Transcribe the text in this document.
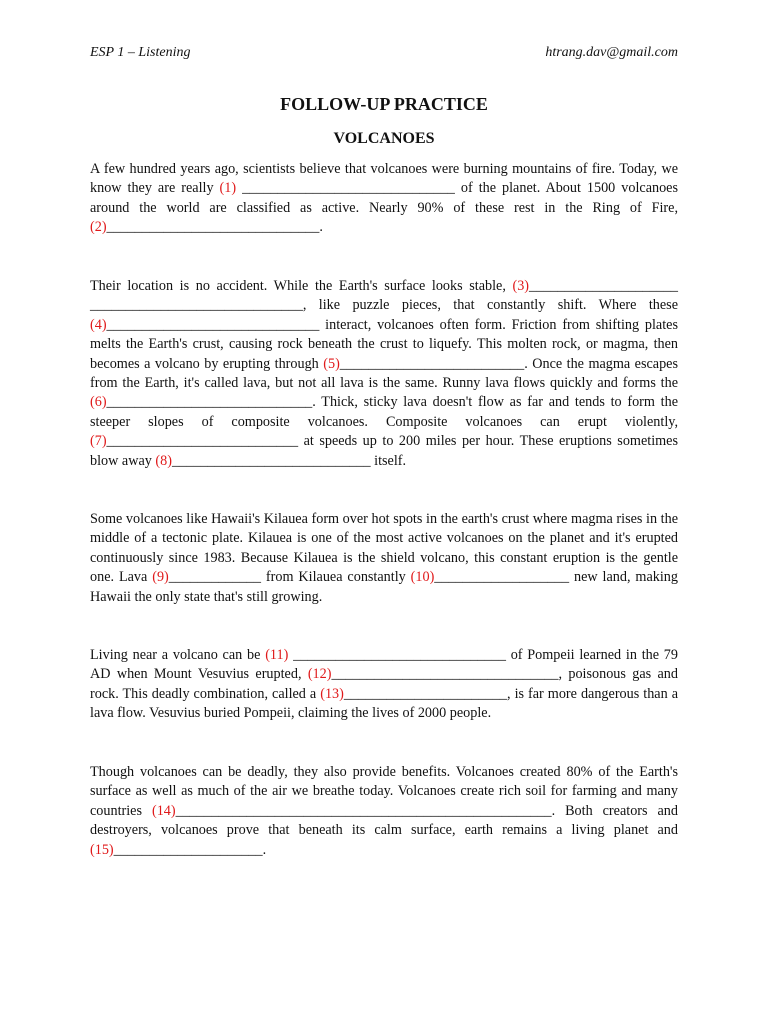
ESP 1 – Listening	htrang.dav@gmail.com
FOLLOW-UP PRACTICE
VOLCANOES
A few hundred years ago, scientists believe that volcanoes were burning mountains of fire. Today, we know they are really (1) ______________________________ of the planet. About 1500 volcanoes around the world are classified as active. Nearly 90% of these rest in the Ring of Fire, (2)______________________________.
Their location is no accident. While the Earth's surface looks stable, (3)_____________________ ______________________________, like puzzle pieces, that constantly shift. Where these (4)______________________________ interact, volcanoes often form. Friction from shifting plates melts the Earth's crust, causing rock beneath the crust to liquefy. This molten rock, or magma, then becomes a volcano by erupting through (5)__________________________. Once the magma escapes from the Earth, it's called lava, but not all lava is the same. Runny lava flows quickly and forms the (6)_____________________________. Thick, sticky lava doesn't flow as far and tends to form the steeper slopes of composite volcanoes. Composite volcanoes can erupt violently, (7)___________________________ at speeds up to 200 miles per hour. These eruptions sometimes blow away (8)____________________________ itself.
Some volcanoes like Hawaii's Kilauea form over hot spots in the earth's crust where magma rises in the middle of a tectonic plate. Kilauea is one of the most active volcanoes on the planet and it's erupted continuously since 1983. Because Kilauea is the shield volcano, this constant eruption is the gentle one. Lava (9)_____________ from Kilauea constantly (10)___________________ new land, making Hawaii the only state that's still growing.
Living near a volcano can be (11) ______________________________ of Pompeii learned in the 79 AD when Mount Vesuvius erupted, (12)________________________________, poisonous gas and rock. This deadly combination, called a (13)_______________________, is far more dangerous than a lava flow. Vesuvius buried Pompeii, claiming the lives of 2000 people.
Though volcanoes can be deadly, they also provide benefits. Volcanoes created 80% of the Earth's surface as well as much of the air we breathe today. Volcanoes create rich soil for farming and many countries (14)_____________________________________________________. Both creators and destroyers, volcanoes prove that beneath its calm surface, earth remains a living planet and (15)_____________________.
